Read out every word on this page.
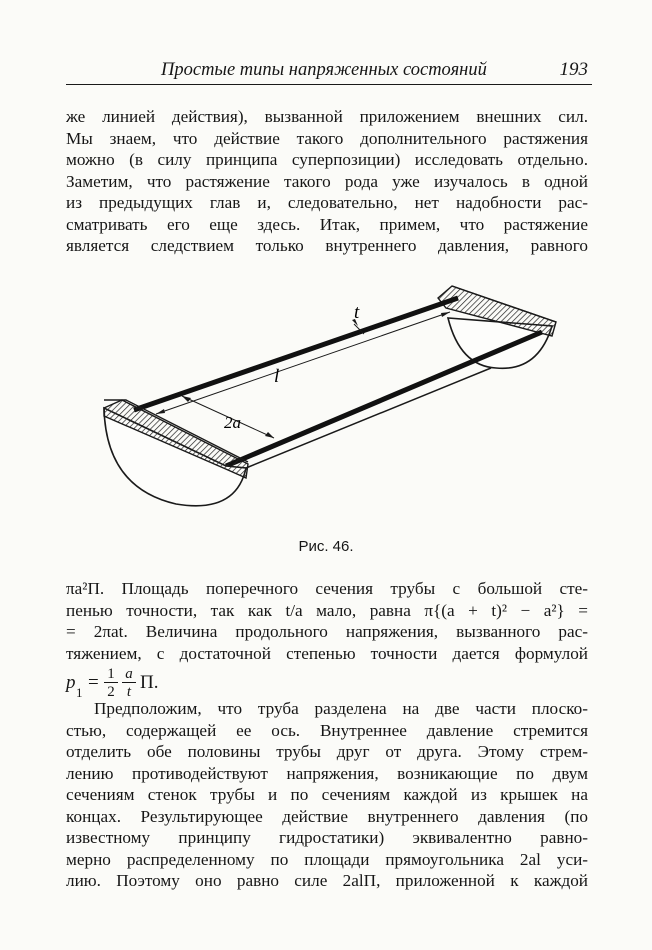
Простые типы напряженных состояний	193
же линией действия), вызванной приложением внешних сил.
Мы знаем, что действие такого дополнительного растяжения
можно (в силу принципа суперпозиции) исследовать отдельно.
Заметим, что растяжение такого рода уже изучалось в одной
из предыдущих глав и, следовательно, нет надобности рас-
сматривать его еще здесь. Итак, примем, что растяжение
является следствием только внутреннего давления, равного
2a
l
t
Рис. 46.
πa²Π. Площадь поперечного сечения трубы с большой сте-
пенью точности, так как t/a мало, равна π{(a + t)² − a²} =
= 2πat. Величина продольного напряжения, вызванного рас-
тяжением, с достаточной степенью точности дается формулой
p $1 = \frac{1}{2} \frac{a}{t} \Pi$.
Предположим, что труба разделена на две части плоско-
стью, содержащей ее ось. Внутреннее давление стремится
отделить обе половины трубы друг от друга. Этому стрем-
лению противодействуют напряжения, возникающие по двум
сечениям стенок трубы и по сечениям каждой из крышек на
концах. Результирующее действие внутреннего давления (по
известному принципу гидростатики) эквивалентно равно-
мерно распределенному по площади прямоугольника 2al уси-
лию. Поэтому оно равно силе 2alΠ, приложенной к каждой
